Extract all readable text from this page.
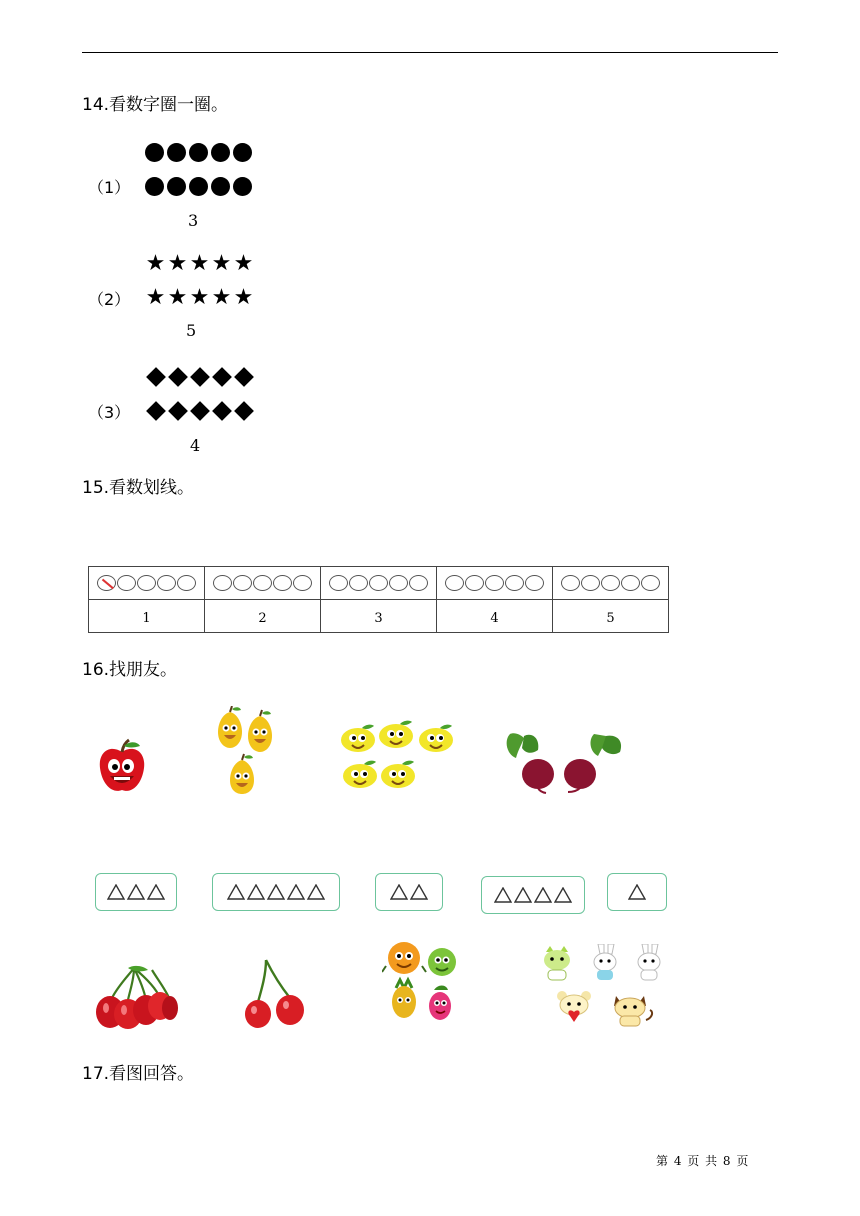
14.看数字圈一圈。
（1）
3
（2）
★ ★ ★ ★ ★
★ ★ ★ ★ ★
5
（3）
4
15.看数划线。

1	2	3	4	5
16.找朋友。
17.看图回答。
第 4 页 共 8 页
